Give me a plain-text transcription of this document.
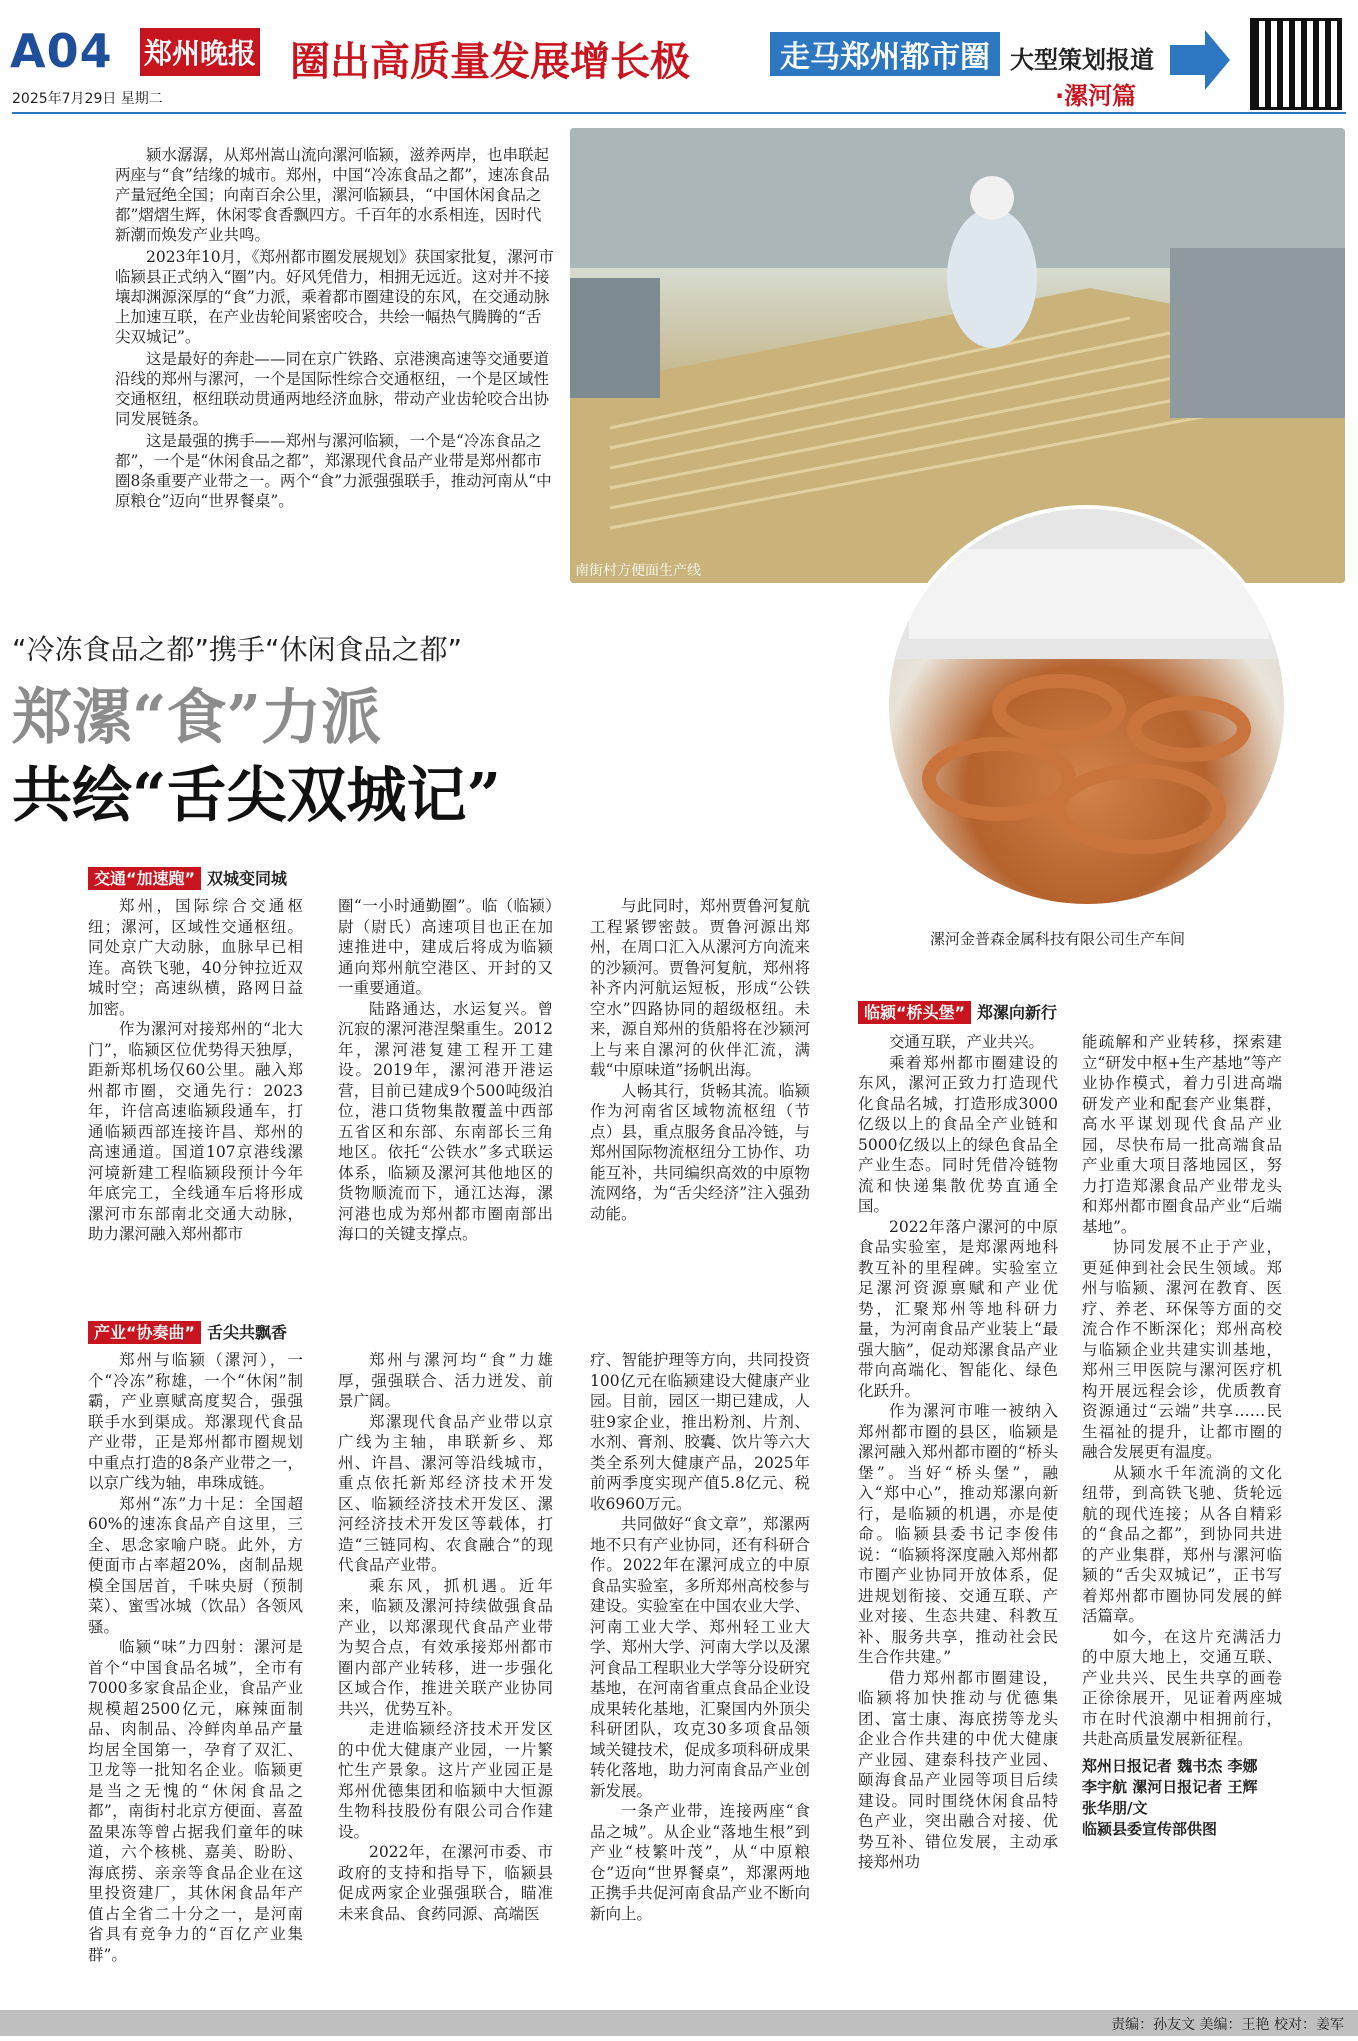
A04 郑州晚报 圈出高质量发展增长极	走马郑州都市圈 大型策划报道
·漯河篇
2025年7月29日 星期二

颍水潺潺，从郑州嵩山流向漯河临颍，滋养两岸，也串联起两座与“食”结缘的城市。郑州，中国“冷冻食品之都”，速冻食品产量冠绝全国；向南百余公里，漯河临颍县，“中国休闲食品之都”熠熠生辉，休闲零食香飘四方。千百年的水系相连，因时代新潮而焕发产业共鸣。

2023年10月，《郑州都市圈发展规划》获国家批复，漯河市临颍县正式纳入“圈”内。好风凭借力，相拥无远近。这对并不接壤却渊源深厚的“食”力派，乘着都市圈建设的东风，在交通动脉上加速互联，在产业齿轮间紧密咬合，共绘一幅热气腾腾的“舌尖双城记”。

这是最好的奔赴——同在京广铁路、京港澳高速等交通要道沿线的郑州与漯河，一个是国际性综合交通枢纽，一个是区域性交通枢纽，枢纽联动贯通两地经济血脉，带动产业齿轮咬合出协同发展链条。

这是最强的携手——郑州与漯河临颍，一个是“冷冻食品之都”，一个是“休闲食品之都”，郑漯现代食品产业带是郑州都市圈8条重要产业带之一。两个“食”力派强强联手，推动河南从“中原粮仓”迈向“世界餐桌”。

南街村方便面生产线
漯河金普森金属科技有限公司生产车间
“冷冻食品之都”携手“休闲食品之都”
郑漯“食”力派
共绘“舌尖双城记”
交通“加速跑” 双城变同城

郑州，国际综合交通枢纽；漯河，区域性交通枢纽。同处京广大动脉，血脉早已相连。高铁飞驰，40分钟拉近双城时空；高速纵横，路网日益加密。

作为漯河对接郑州的“北大门”，临颍区位优势得天独厚，距新郑机场仅60公里。融入郑州都市圈，交通先行：2023年，许信高速临颍段通车，打通临颍西部连接许昌、郑州的高速通道。国道107京港线漯河境新建工程临颍段预计今年年底完工，全线通车后将形成漯河市东部南北交通大动脉，助力漯河融入郑州都市

圈“一小时通勤圈”。临（临颍）尉（尉氏）高速项目也正在加速推进中，建成后将成为临颍通向郑州航空港区、开封的又一重要通道。

陆路通达，水运复兴。曾沉寂的漯河港涅槃重生。2012年，漯河港复建工程开工建设。2019年，漯河港开港运营，目前已建成9个500吨级泊位，港口货物集散覆盖中西部五省区和东部、东南部长三角地区。依托“公铁水”多式联运体系，临颍及漯河其他地区的货物顺流而下，通江达海，漯河港也成为郑州都市圈南部出海口的关键支撑点。

与此同时，郑州贾鲁河复航工程紧锣密鼓。贾鲁河源出郑州，在周口汇入从漯河方向流来的沙颍河。贾鲁河复航，郑州将补齐内河航运短板，形成“公铁空水”四路协同的超级枢纽。未来，源自郑州的货船将在沙颍河上与来自漯河的伙伴汇流，满载“中原味道”扬帆出海。

人畅其行，货畅其流。临颍作为河南省区域物流枢纽（节点）县，重点服务食品冷链，与郑州国际物流枢纽分工协作、功能互补，共同编织高效的中原物流网络，为“舌尖经济”注入强劲动能。

产业“协奏曲” 舌尖共飘香

郑州与临颍（漯河），一个“冷冻”称雄，一个“休闲”制霸，产业禀赋高度契合，强强联手水到渠成。郑漯现代食品产业带，正是郑州都市圈规划中重点打造的8条产业带之一，以京广线为轴，串珠成链。

郑州“冻”力十足：全国超60%的速冻食品产自这里，三全、思念家喻户晓。此外，方便面市占率超20%，卤制品规模全国居首，千味央厨（预制菜）、蜜雪冰城（饮品）各领风骚。

临颍“味”力四射：漯河是首个“中国食品名城”，全市有7000多家食品企业，食品产业规模超2500亿元，麻辣面制品、肉制品、冷鲜肉单品产量均居全国第一，孕育了双汇、卫龙等一批知名企业。临颍更是当之无愧的“休闲食品之都”，南街村北京方便面、喜盈盈果冻等曾占据我们童年的味道，六个核桃、嘉美、盼盼、海底捞、亲亲等食品企业在这里投资建厂，其休闲食品年产值占全省二十分之一，是河南省具有竞争力的“百亿产业集群”。

郑州与漯河均“食”力雄厚，强强联合、活力迸发、前景广阔。

郑漯现代食品产业带以京广线为主轴，串联新乡、郑州、许昌、漯河等沿线城市，重点依托新郑经济技术开发区、临颍经济技术开发区、漯河经济技术开发区等载体，打造“三链同构、农食融合”的现代食品产业带。

乘东风，抓机遇。近年来，临颍及漯河持续做强食品产业，以郑漯现代食品产业带为契合点，有效承接郑州都市圈内部产业转移，进一步强化区域合作，推进关联产业协同共兴，优势互补。

走进临颍经济技术开发区的中优大健康产业园，一片繁忙生产景象。这片产业园正是郑州优德集团和临颍中大恒源生物科技股份有限公司合作建设。

2022年，在漯河市委、市政府的支持和指导下，临颍县促成两家企业强强联合，瞄准未来食品、食药同源、高端医

疗、智能护理等方向，共同投资100亿元在临颍建设大健康产业园。目前，园区一期已建成，人驻9家企业，推出粉剂、片剂、水剂、膏剂、胶囊、饮片等六大类全系列大健康产品，2025年前两季度实现产值5.8亿元、税收6960万元。

共同做好“食文章”，郑漯两地不只有产业协同，还有科研合作。2022年在漯河成立的中原食品实验室，多所郑州高校参与建设。实验室在中国农业大学、河南工业大学、郑州轻工业大学、郑州大学、河南大学以及漯河食品工程职业大学等分设研究基地，在河南省重点食品企业设成果转化基地，汇聚国内外顶尖科研团队，攻克30多项食品领域关键技术，促成多项科研成果转化落地，助力河南食品产业创新发展。

一条产业带，连接两座“食品之城”。从企业“落地生根”到产业“枝繁叶茂”，从“中原粮仓”迈向“世界餐桌”，郑漯两地正携手共促河南食品产业不断向新向上。

临颍“桥头堡” 郑漯向新行

交通互联，产业共兴。

乘着郑州都市圈建设的东风，漯河正致力打造现代化食品名城，打造形成3000亿级以上的食品全产业链和5000亿级以上的绿色食品全产业生态。同时凭借冷链物流和快递集散优势直通全国。

2022年落户漯河的中原食品实验室，是郑漯两地科教互补的里程碑。实验室立足漯河资源禀赋和产业优势，汇聚郑州等地科研力量，为河南食品产业装上“最强大脑”，促动郑漯食品产业带向高端化、智能化、绿色化跃升。

作为漯河市唯一被纳入郑州都市圈的县区，临颍是漯河融入郑州都市圈的“桥头堡”。当好“桥头堡”，融入“郑中心”，推动郑漯向新行，是临颍的机遇，亦是使命。临颍县委书记李俊伟说：“临颍将深度融入郑州都市圈产业协同开放体系，促进规划衔接、交通互联、产业对接、生态共建、科教互补、服务共享，推动社会民生合作共建。”

借力郑州都市圈建设，临颍将加快推动与优德集团、富士康、海底捞等龙头企业合作共建的中优大健康产业园、建泰科技产业园、颐海食品产业园等项目后续建设。同时围绕休闲食品特色产业，突出融合对接、优势互补、错位发展，主动承接郑州功

能疏解和产业转移，探索建立“研发中枢+生产基地”等产业协作模式，着力引进高端研发产业和配套产业集群，高水平谋划现代食品产业园，尽快布局一批高端食品产业重大项目落地园区，努力打造郑漯食品产业带龙头和郑州都市圈食品产业“后端基地”。

协同发展不止于产业，更延伸到社会民生领域。郑州与临颍、漯河在教育、医疗、养老、环保等方面的交流合作不断深化；郑州高校与临颍企业共建实训基地，郑州三甲医院与漯河医疗机构开展远程会诊，优质教育资源通过“云端”共享……民生福祉的提升，让都市圈的融合发展更有温度。

从颍水千年流淌的文化纽带，到高铁飞驰、货轮远航的现代连接；从各自精彩的“食品之都”，到协同共进的产业集群，郑州与漯河临颍的“舌尖双城记”，正书写着郑州都市圈协同发展的鲜活篇章。

如今，在这片充满活力的中原大地上，交通互联、产业共兴、民生共享的画卷正徐徐展开，见证着两座城市在时代浪潮中相拥前行，共赴高质量发展新征程。

郑州日报记者 魏书杰 李娜
李宇航 漯河日报记者 王辉
张华朋/文
临颍县委宣传部供图
责编：孙友文 美编：王艳 校对：姜军
